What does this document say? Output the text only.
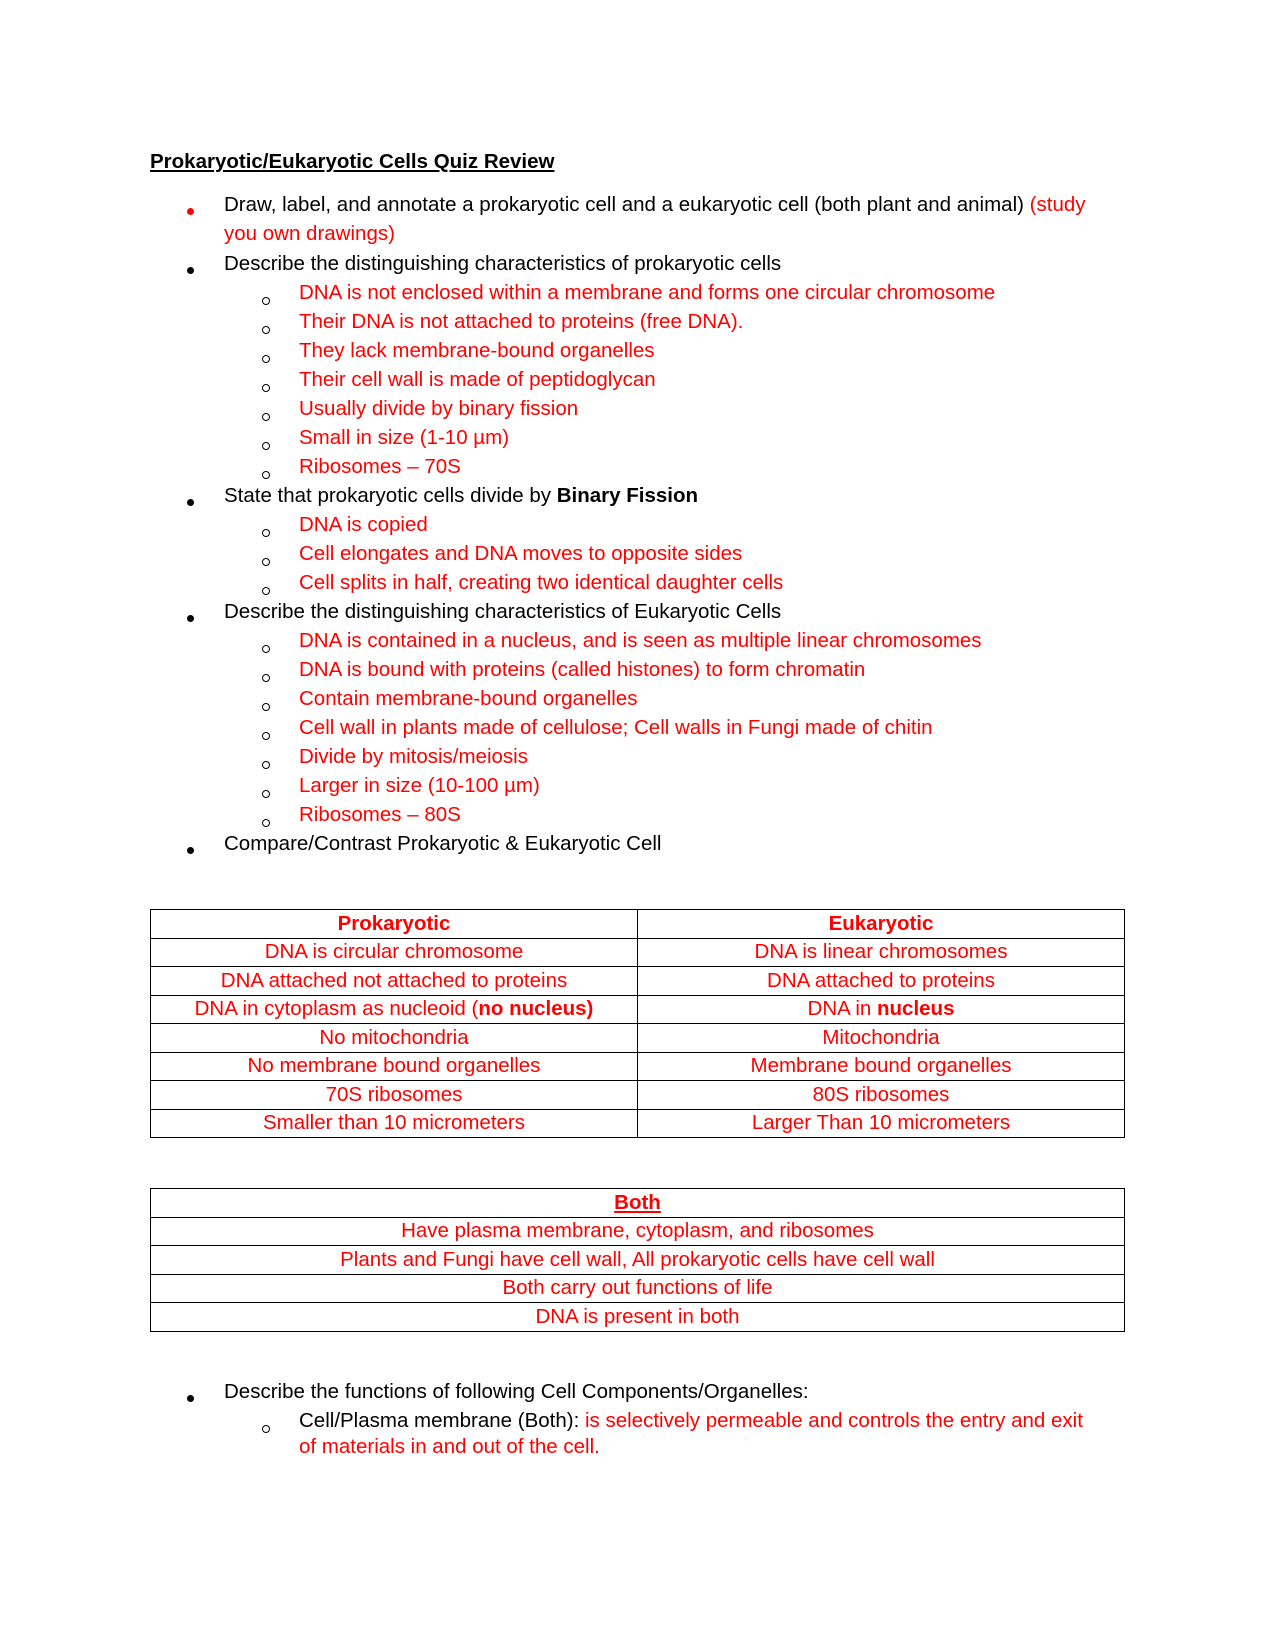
Prokaryotic/Eukaryotic Cells Quiz Review
Draw, label, and annotate a prokaryotic cell and a eukaryotic cell (both plant and animal) (study
you own drawings)
Describe the distinguishing characteristics of prokaryotic cells
DNA is not enclosed within a membrane and forms one circular chromosome
Their DNA is not attached to proteins (free DNA).
They lack membrane-bound organelles
Their cell wall is made of peptidoglycan
Usually divide by binary fission
Small in size (1-10 µm)
Ribosomes – 70S
State that prokaryotic cells divide by Binary Fission
DNA is copied
Cell elongates and DNA moves to opposite sides
Cell splits in half, creating two identical daughter cells
Describe the distinguishing characteristics of Eukaryotic Cells
DNA is contained in a nucleus, and is seen as multiple linear chromosomes
DNA is bound with proteins (called histones) to form chromatin
Contain membrane-bound organelles
Cell wall in plants made of cellulose; Cell walls in Fungi made of chitin
Divide by mitosis/meiosis
Larger in size (10-100 µm)
Ribosomes – 80S
Compare/Contrast Prokaryotic & Eukaryotic Cell
Prokaryotic	Eukaryotic
DNA is circular chromosome	DNA is linear chromosomes
DNA attached not attached to proteins	DNA attached to proteins
DNA in cytoplasm as nucleoid (no nucleus)	DNA in nucleus
No mitochondria	Mitochondria
No membrane bound organelles	Membrane bound organelles
70S ribosomes	80S ribosomes
Smaller than 10 micrometers	Larger Than 10 micrometers
Both
Have plasma membrane, cytoplasm, and ribosomes
Plants and Fungi have cell wall, All prokaryotic cells have cell wall
Both carry out functions of life
DNA is present in both
Describe the functions of following Cell Components/Organelles:
Cell/Plasma membrane (Both): is selectively permeable and controls the entry and exit
of materials in and out of the cell.
